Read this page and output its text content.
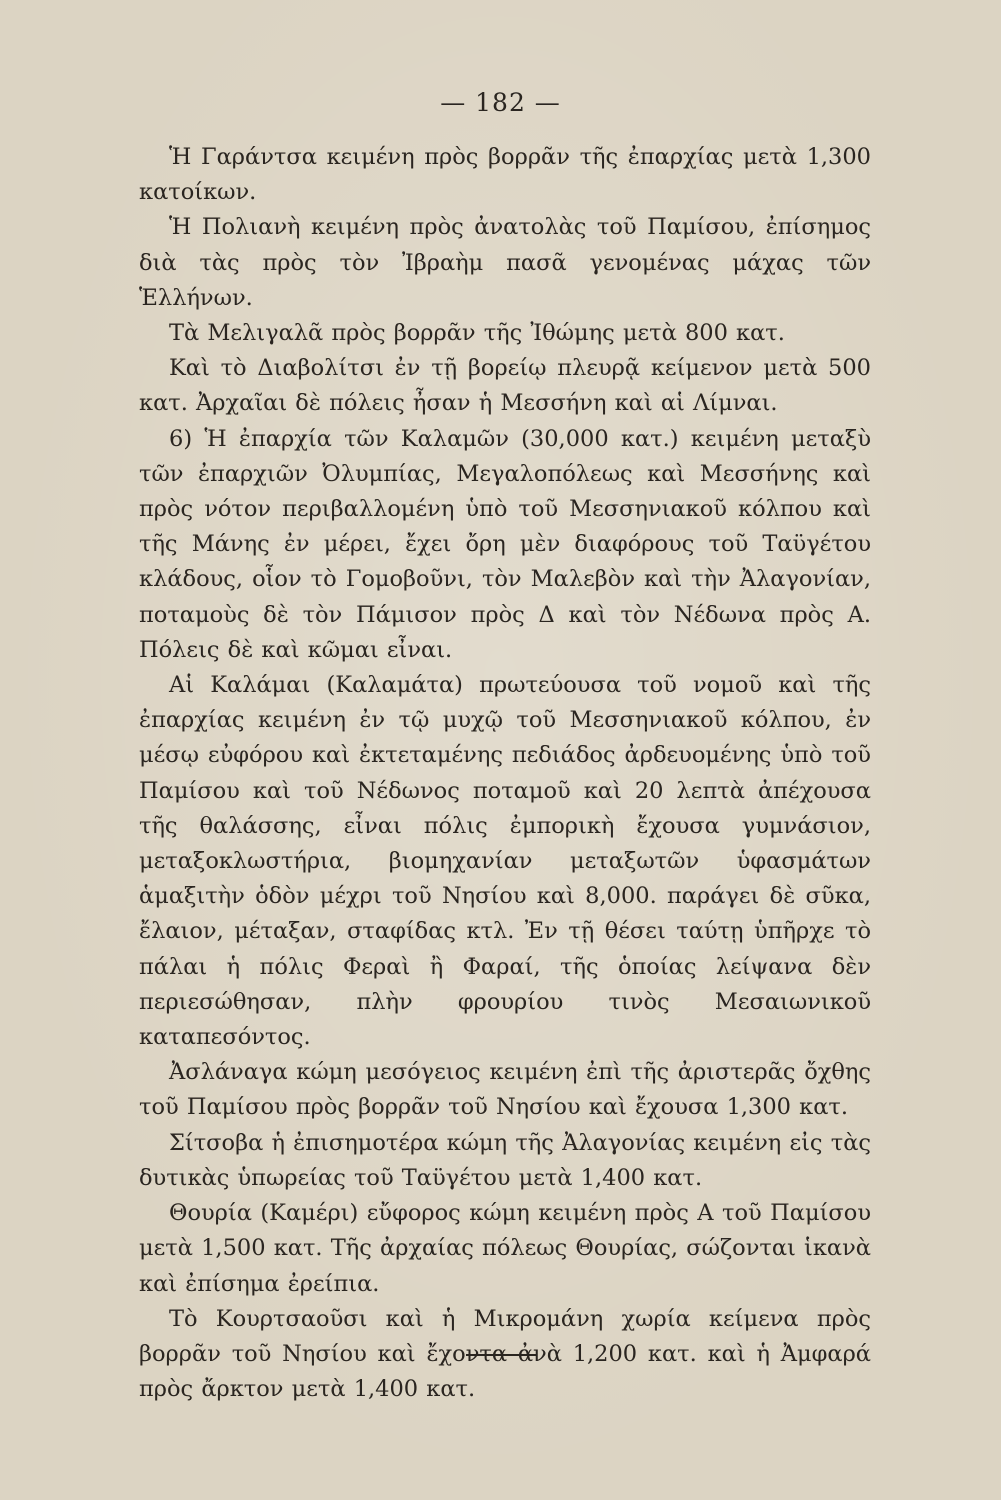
— 182 —

Ἡ Γαράντσα κειμένη πρὸς βορρᾶν τῆς ἐπαρχίας μετὰ 1,300 κατοίκων.

Ἡ Πολιανὴ κειμένη πρὸς ἀνατολὰς τοῦ Παμίσου, ἐπίσημος διὰ τὰς πρὸς τὸν Ἰβραὴμ πασᾶ γενομένας μάχας τῶν Ἑλλήνων.

Τὰ Μελιγαλᾶ πρὸς βορρᾶν τῆς Ἰθώμης μετὰ 800 κατ.

Καὶ τὸ Διαβολίτσι ἐν τῇ βορείῳ πλευρᾷ κείμενον μετὰ 500 κατ. Ἀρχαῖαι δὲ πόλεις ἦσαν ἡ Μεσσήνη καὶ αἱ Λίμναι.

6) Ἡ ἐπαρχία τῶν Καλαμῶν (30,000 κατ.) κειμένη μεταξὺ τῶν ἐπαρχιῶν Ὀλυμπίας, Μεγαλοπόλεως καὶ Μεσσήνης καὶ πρὸς νότον περιβαλλομένη ὑπὸ τοῦ Μεσσηνιακοῦ κόλπου καὶ τῆς Μάνης ἐν μέρει, ἔχει ὄρη μὲν διαφόρους τοῦ Ταϋγέτου κλάδους, οἷον τὸ Γομοβοῦνι, τὸν Μαλεβὸν καὶ τὴν Ἀλαγονίαν, ποταμοὺς δὲ τὸν Πάμισον πρὸς Δ καὶ τὸν Νέδωνα πρὸς Α. Πόλεις δὲ καὶ κῶμαι εἶναι.

Αἱ Καλάμαι (Καλαμάτα) πρωτεύουσα τοῦ νομοῦ καὶ τῆς ἐπαρχίας κειμένη ἐν τῷ μυχῷ τοῦ Μεσσηνιακοῦ κόλπου, ἐν μέσῳ εὐφόρου καὶ ἐκτεταμένης πεδιάδος ἀρδευομένης ὑπὸ τοῦ Παμίσου καὶ τοῦ Νέδωνος ποταμοῦ καὶ 20 λεπτὰ ἀπέχουσα τῆς θαλάσσης, εἶναι πόλις ἐμπορικὴ ἔχουσα γυμνάσιον, μεταξοκλωστήρια, βιομηχανίαν μεταξωτῶν ὑφασμάτων ἁμαξιτὴν ὁδὸν μέχρι τοῦ Νησίου καὶ 8,000. παράγει δὲ σῦκα, ἔλαιον, μέταξαν, σταφίδας κτλ. Ἐν τῇ θέσει ταύτῃ ὑπῆρχε τὸ πάλαι ἡ πόλις Φεραὶ ἢ Φαραί, τῆς ὁποίας λείψανα δὲν περιεσώθησαν, πλὴν φρουρίου τινὸς Μεσαιωνικοῦ καταπεσόντος.

Ἀσλάναγα κώμη μεσόγειος κειμένη ἐπὶ τῆς ἀριστερᾶς ὄχθης τοῦ Παμίσου πρὸς βορρᾶν τοῦ Νησίου καὶ ἔχουσα 1,300 κατ.

Σίτσοβα ἡ ἐπισημοτέρα κώμη τῆς Ἀλαγονίας κειμένη εἰς τὰς δυτικὰς ὑπωρείας τοῦ Ταϋγέτου μετὰ 1,400 κατ.

Θουρία (Καμέρι) εὔφορος κώμη κειμένη πρὸς Α τοῦ Παμίσου μετὰ 1,500 κατ. Τῆς ἀρχαίας πόλεως Θουρίας, σώζονται ἱκανὰ καὶ ἐπίσημα ἐρείπια.

Τὸ Κουρτσαοῦσι καὶ ἡ Μικρομάνη χωρία κείμενα πρὸς βορρᾶν τοῦ Νησίου καὶ ἔχοντα ἀνὰ 1,200 κατ. καὶ ἡ Ἀμφαρά πρὸς ἄρκτον μετὰ 1,400 κατ.
